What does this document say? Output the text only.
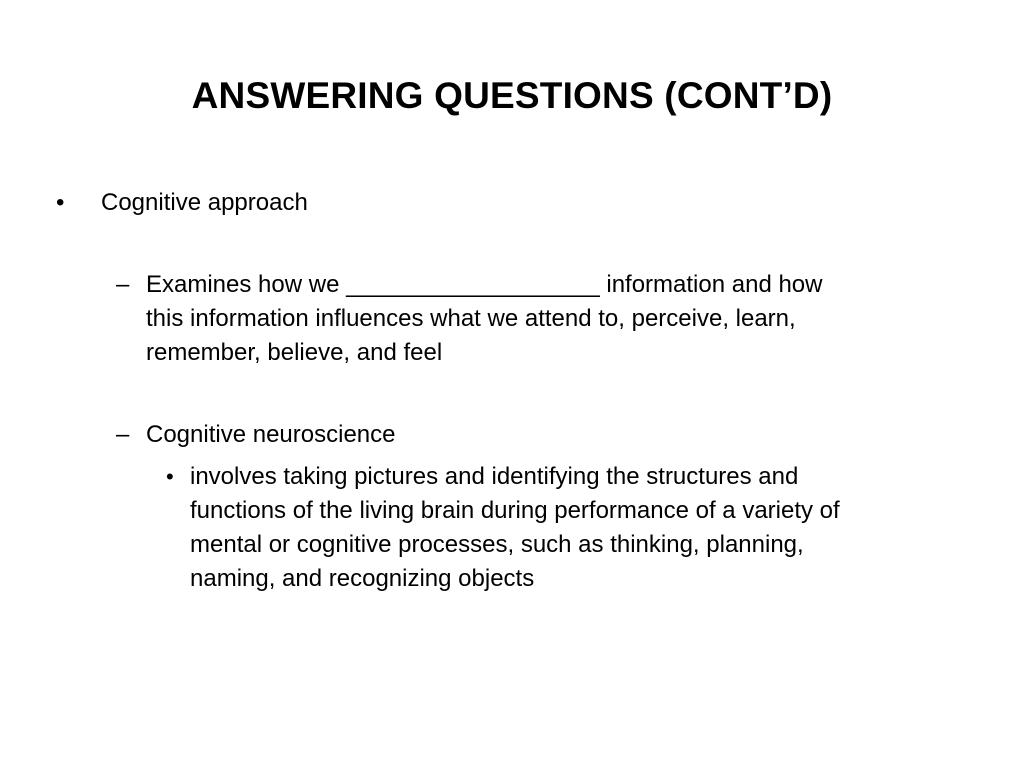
ANSWERING QUESTIONS (CONT’D)
• Cognitive approach
– Examines how we ___________________ information and how
this information influences what we attend to, perceive, learn,
remember, believe, and feel
– Cognitive neuroscience
• involves taking pictures and identifying the structures and
functions of the living brain during performance of a variety of
mental or cognitive processes, such as thinking, planning,
naming, and recognizing objects
